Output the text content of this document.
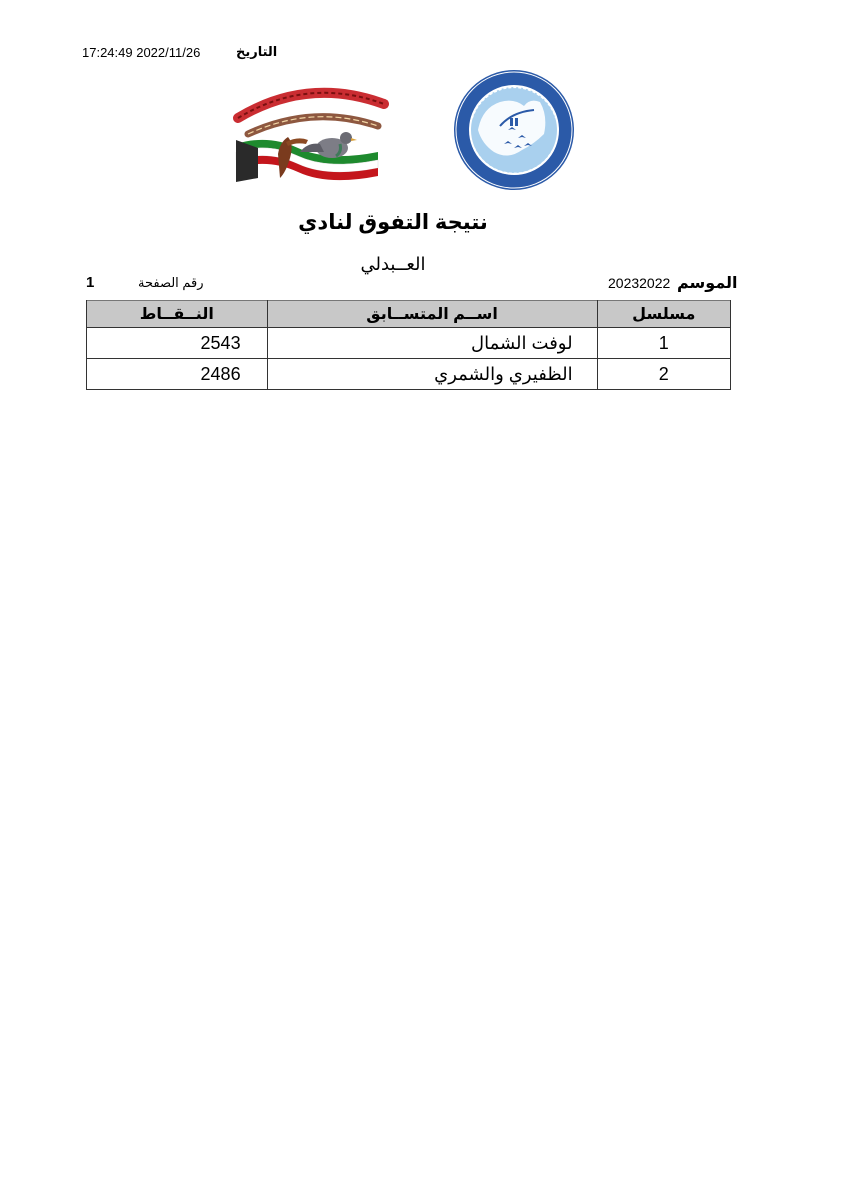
17:24:49 2022/11/26	التاريخ
نتيجة التفوق لنادي
العــبدلي
الموسم
20232022
رقم الصفحة
1
مسلسل	اســم المتســابق	النــقــاط
1	لوفت الشمال	2543
2	الظفيري والشمري	2486
